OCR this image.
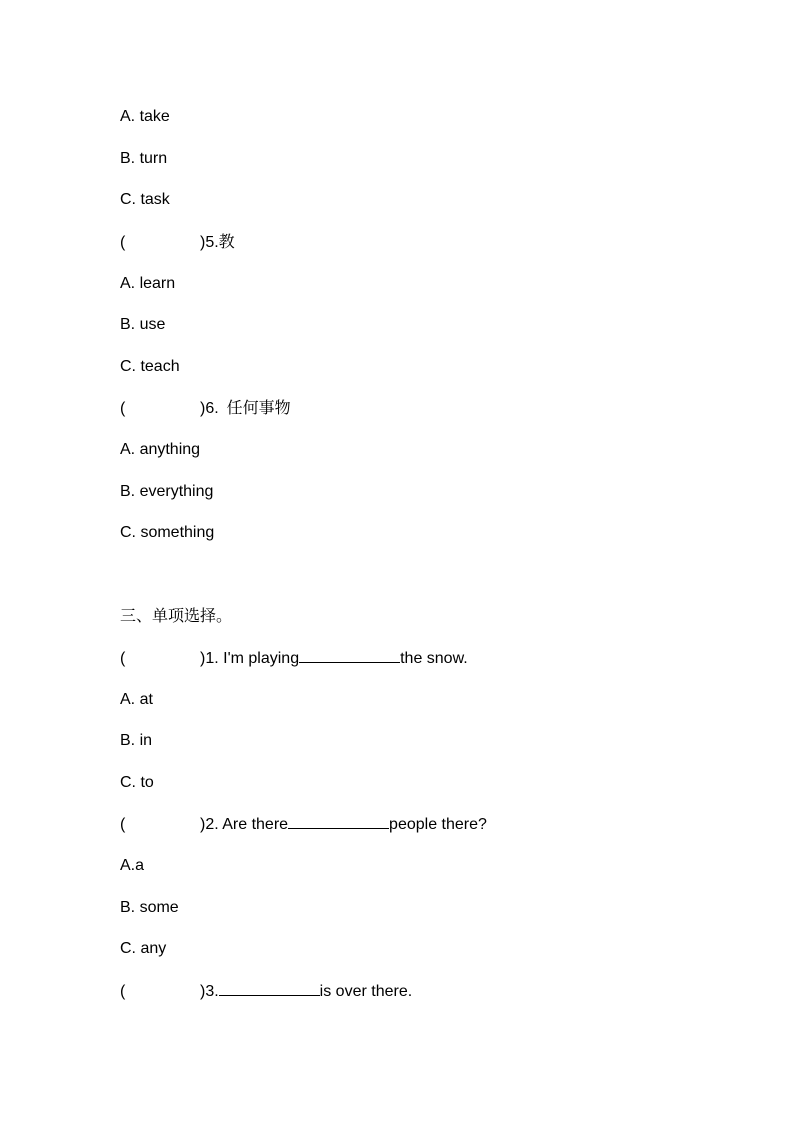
A. take
B. turn
C. task
(	)5.教
A. learn
B. use
C. teach
(	)6. 任何事物
A. anything
B. everything
C. something
三、单项选择。
(	)1. I'm playing	the snow.
A. at
B. in
C. to
(	)2. Are there	people there?
A.a
B. some
C. any
(	)3.	is over there.
